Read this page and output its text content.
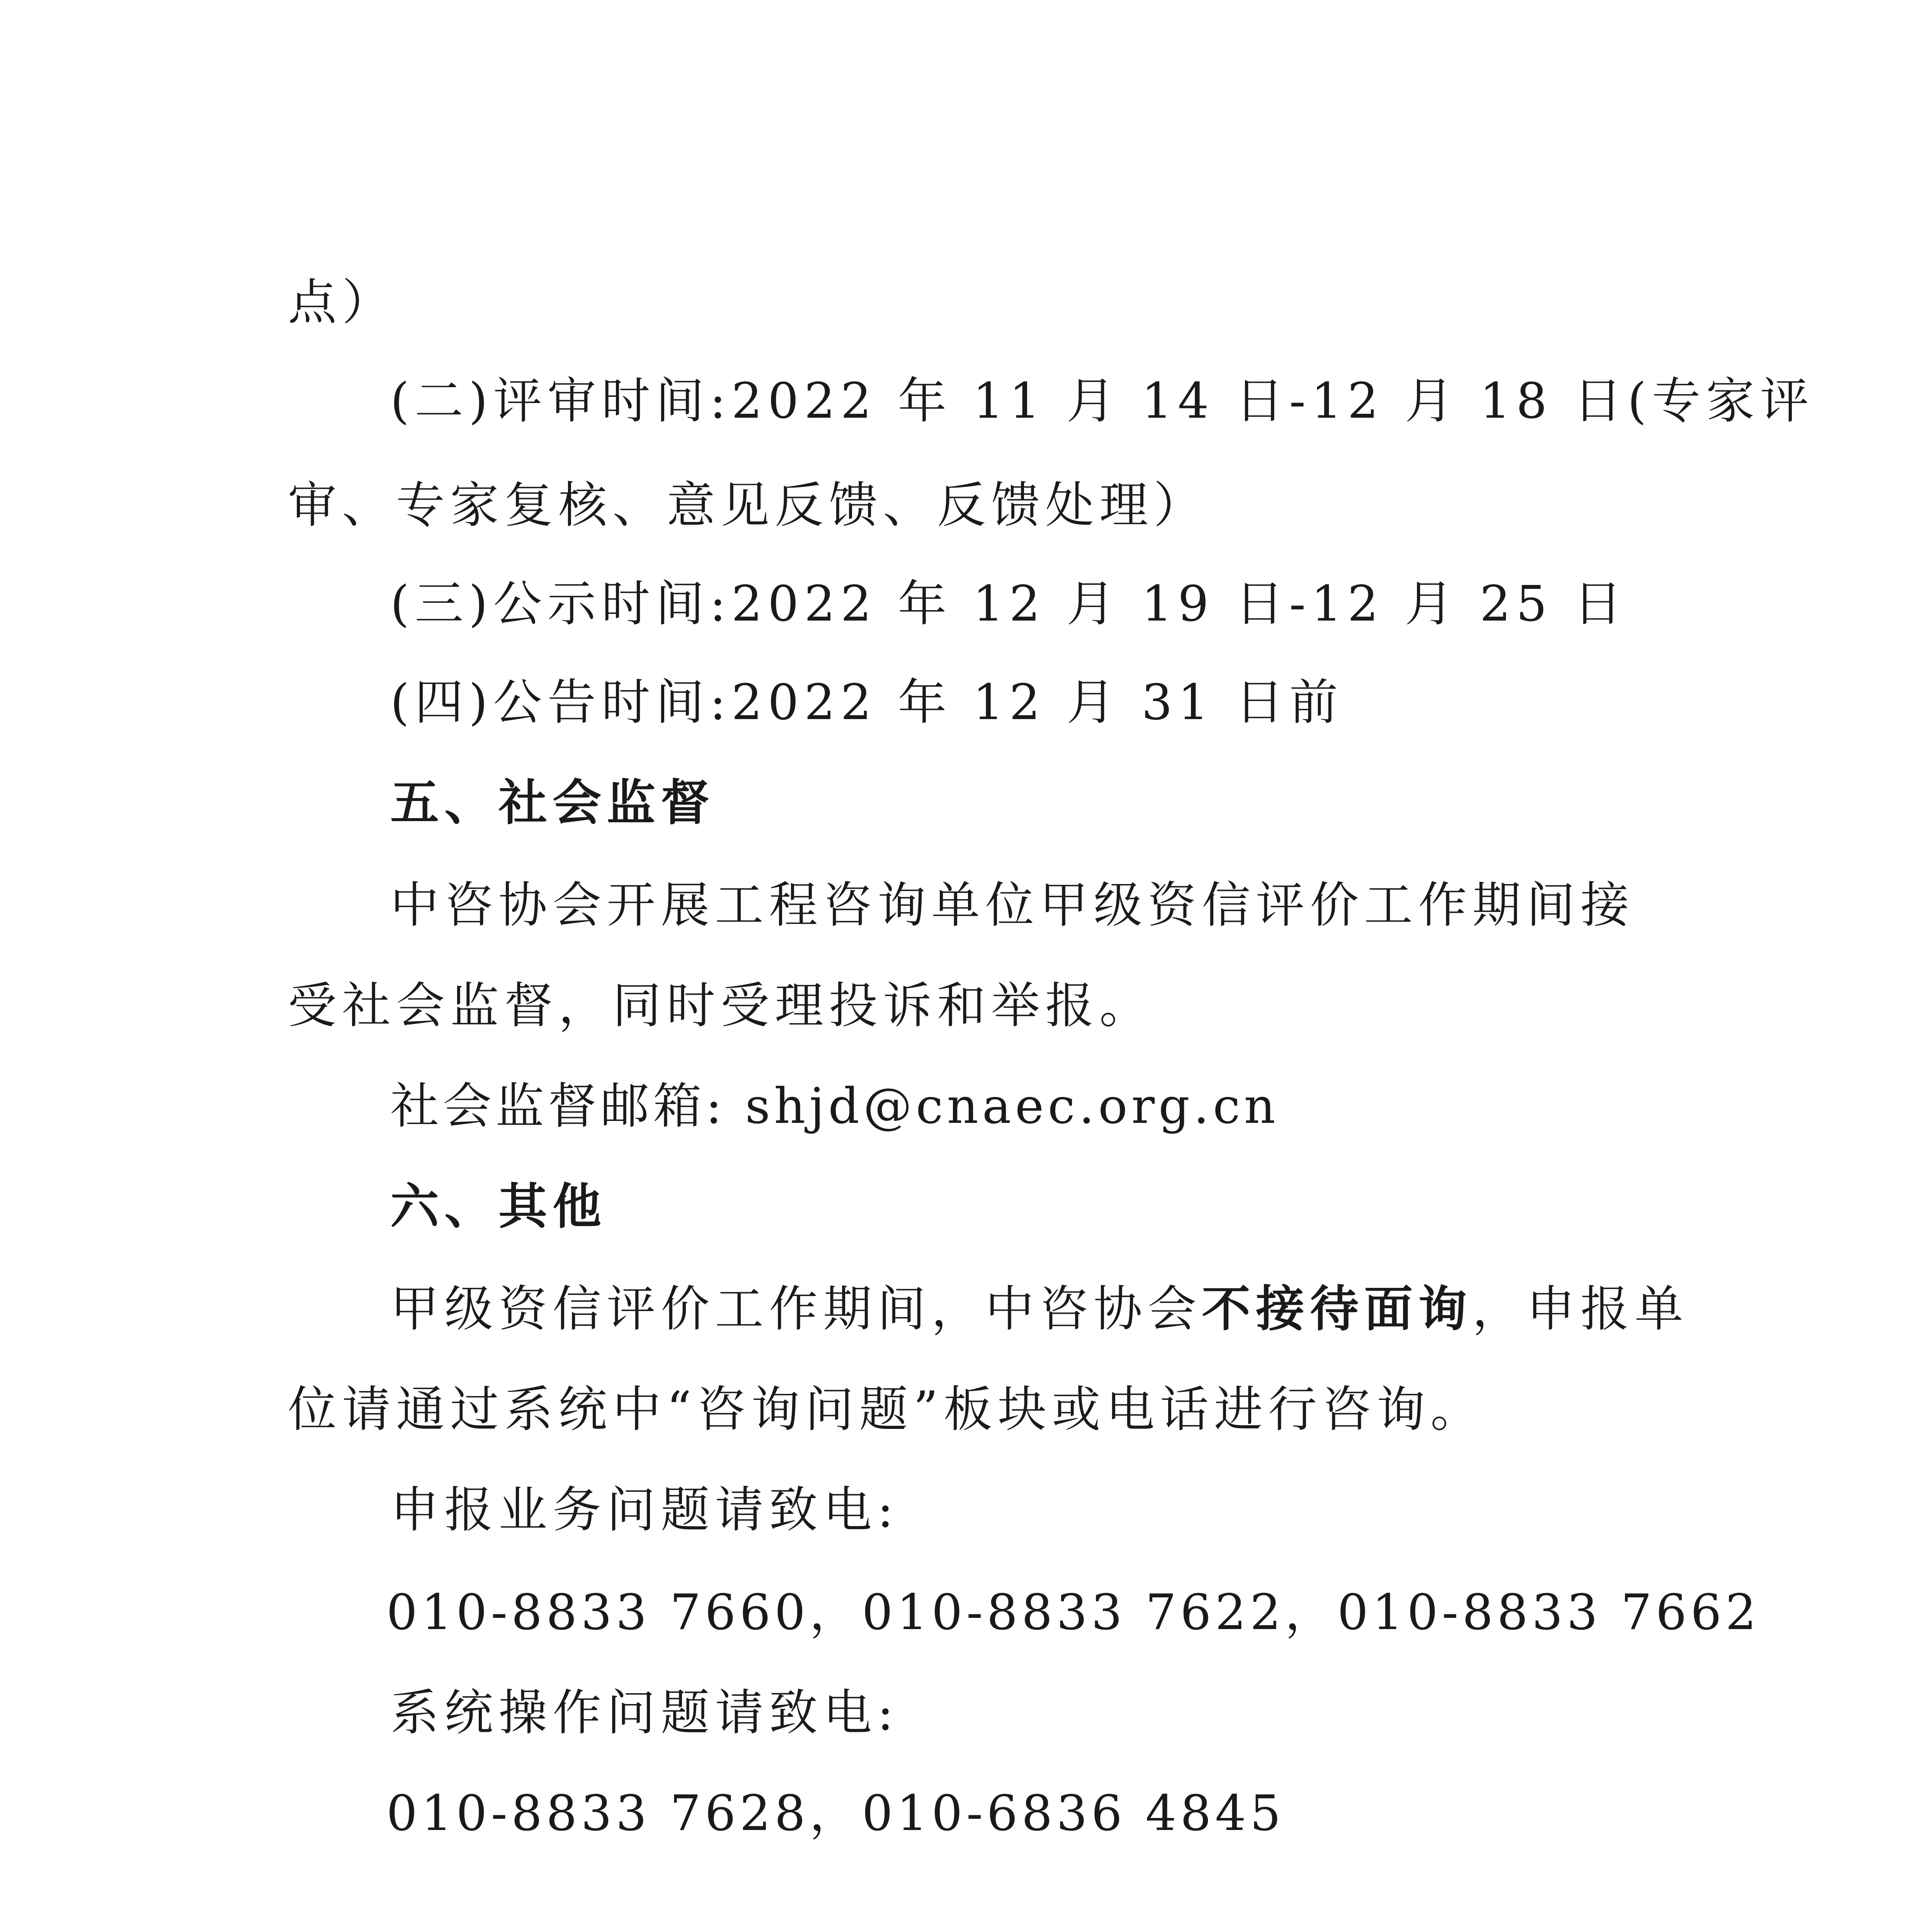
点）
(二)评审时间:2022 年 11 月 14 日-12 月 18 日(专家评
审、专家复核、意见反馈、反馈处理）
(三)公示时间:2022 年 12 月 19 日-12 月 25 日
(四)公告时间:2022 年 12 月 31 日前
五、社会监督
中咨协会开展工程咨询单位甲级资信评价工作期间接
受社会监督，同时受理投诉和举报。
社会监督邮箱: shjd@cnaec.org.cn
六、其他
甲级资信评价工作期间，中咨协会不接待面询，申报单
位请通过系统中“咨询问题”板块或电话进行咨询。
申报业务问题请致电:
010-8833 7660，010-8833 7622，010-8833 7662
系统操作问题请致电:
010-8833 7628，010-6836 4845
